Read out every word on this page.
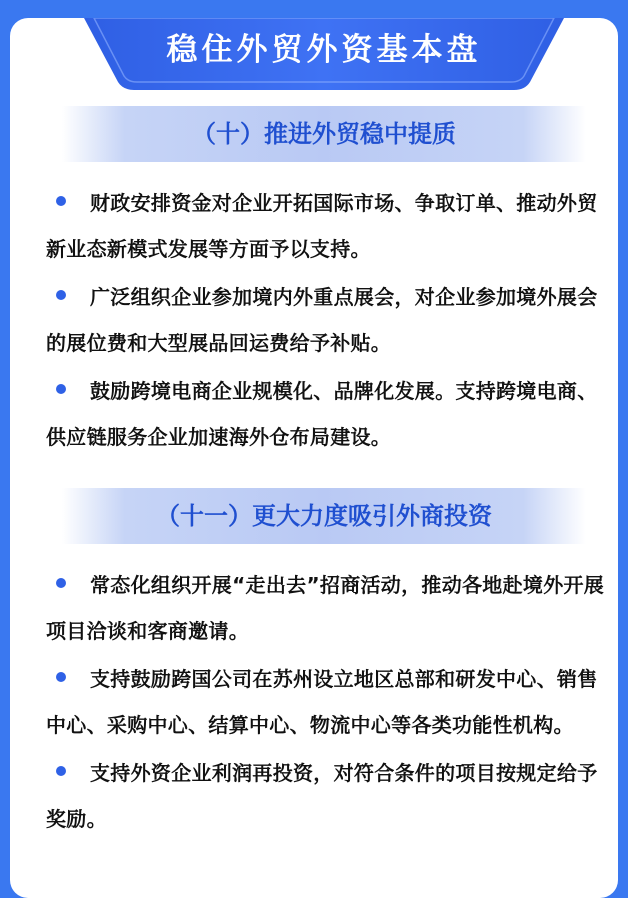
稳住外贸外资基本盘
（十）推进外贸稳中提质
财政安排资金对企业开拓国际市场、争取订单、推动外贸新业态新模式发展等方面予以支持。
广泛组织企业参加境内外重点展会，对企业参加境外展会的展位费和大型展品回运费给予补贴。
鼓励跨境电商企业规模化、品牌化发展。支持跨境电商、供应链服务企业加速海外仓布局建设。
（十一）更大力度吸引外商投资
常态化组织开展“走出去”招商活动，推动各地赴境外开展项目洽谈和客商邀请。
支持鼓励跨国公司在苏州设立地区总部和研发中心、销售中心、采购中心、结算中心、物流中心等各类功能性机构。
支持外资企业利润再投资，对符合条件的项目按规定给予奖励。
